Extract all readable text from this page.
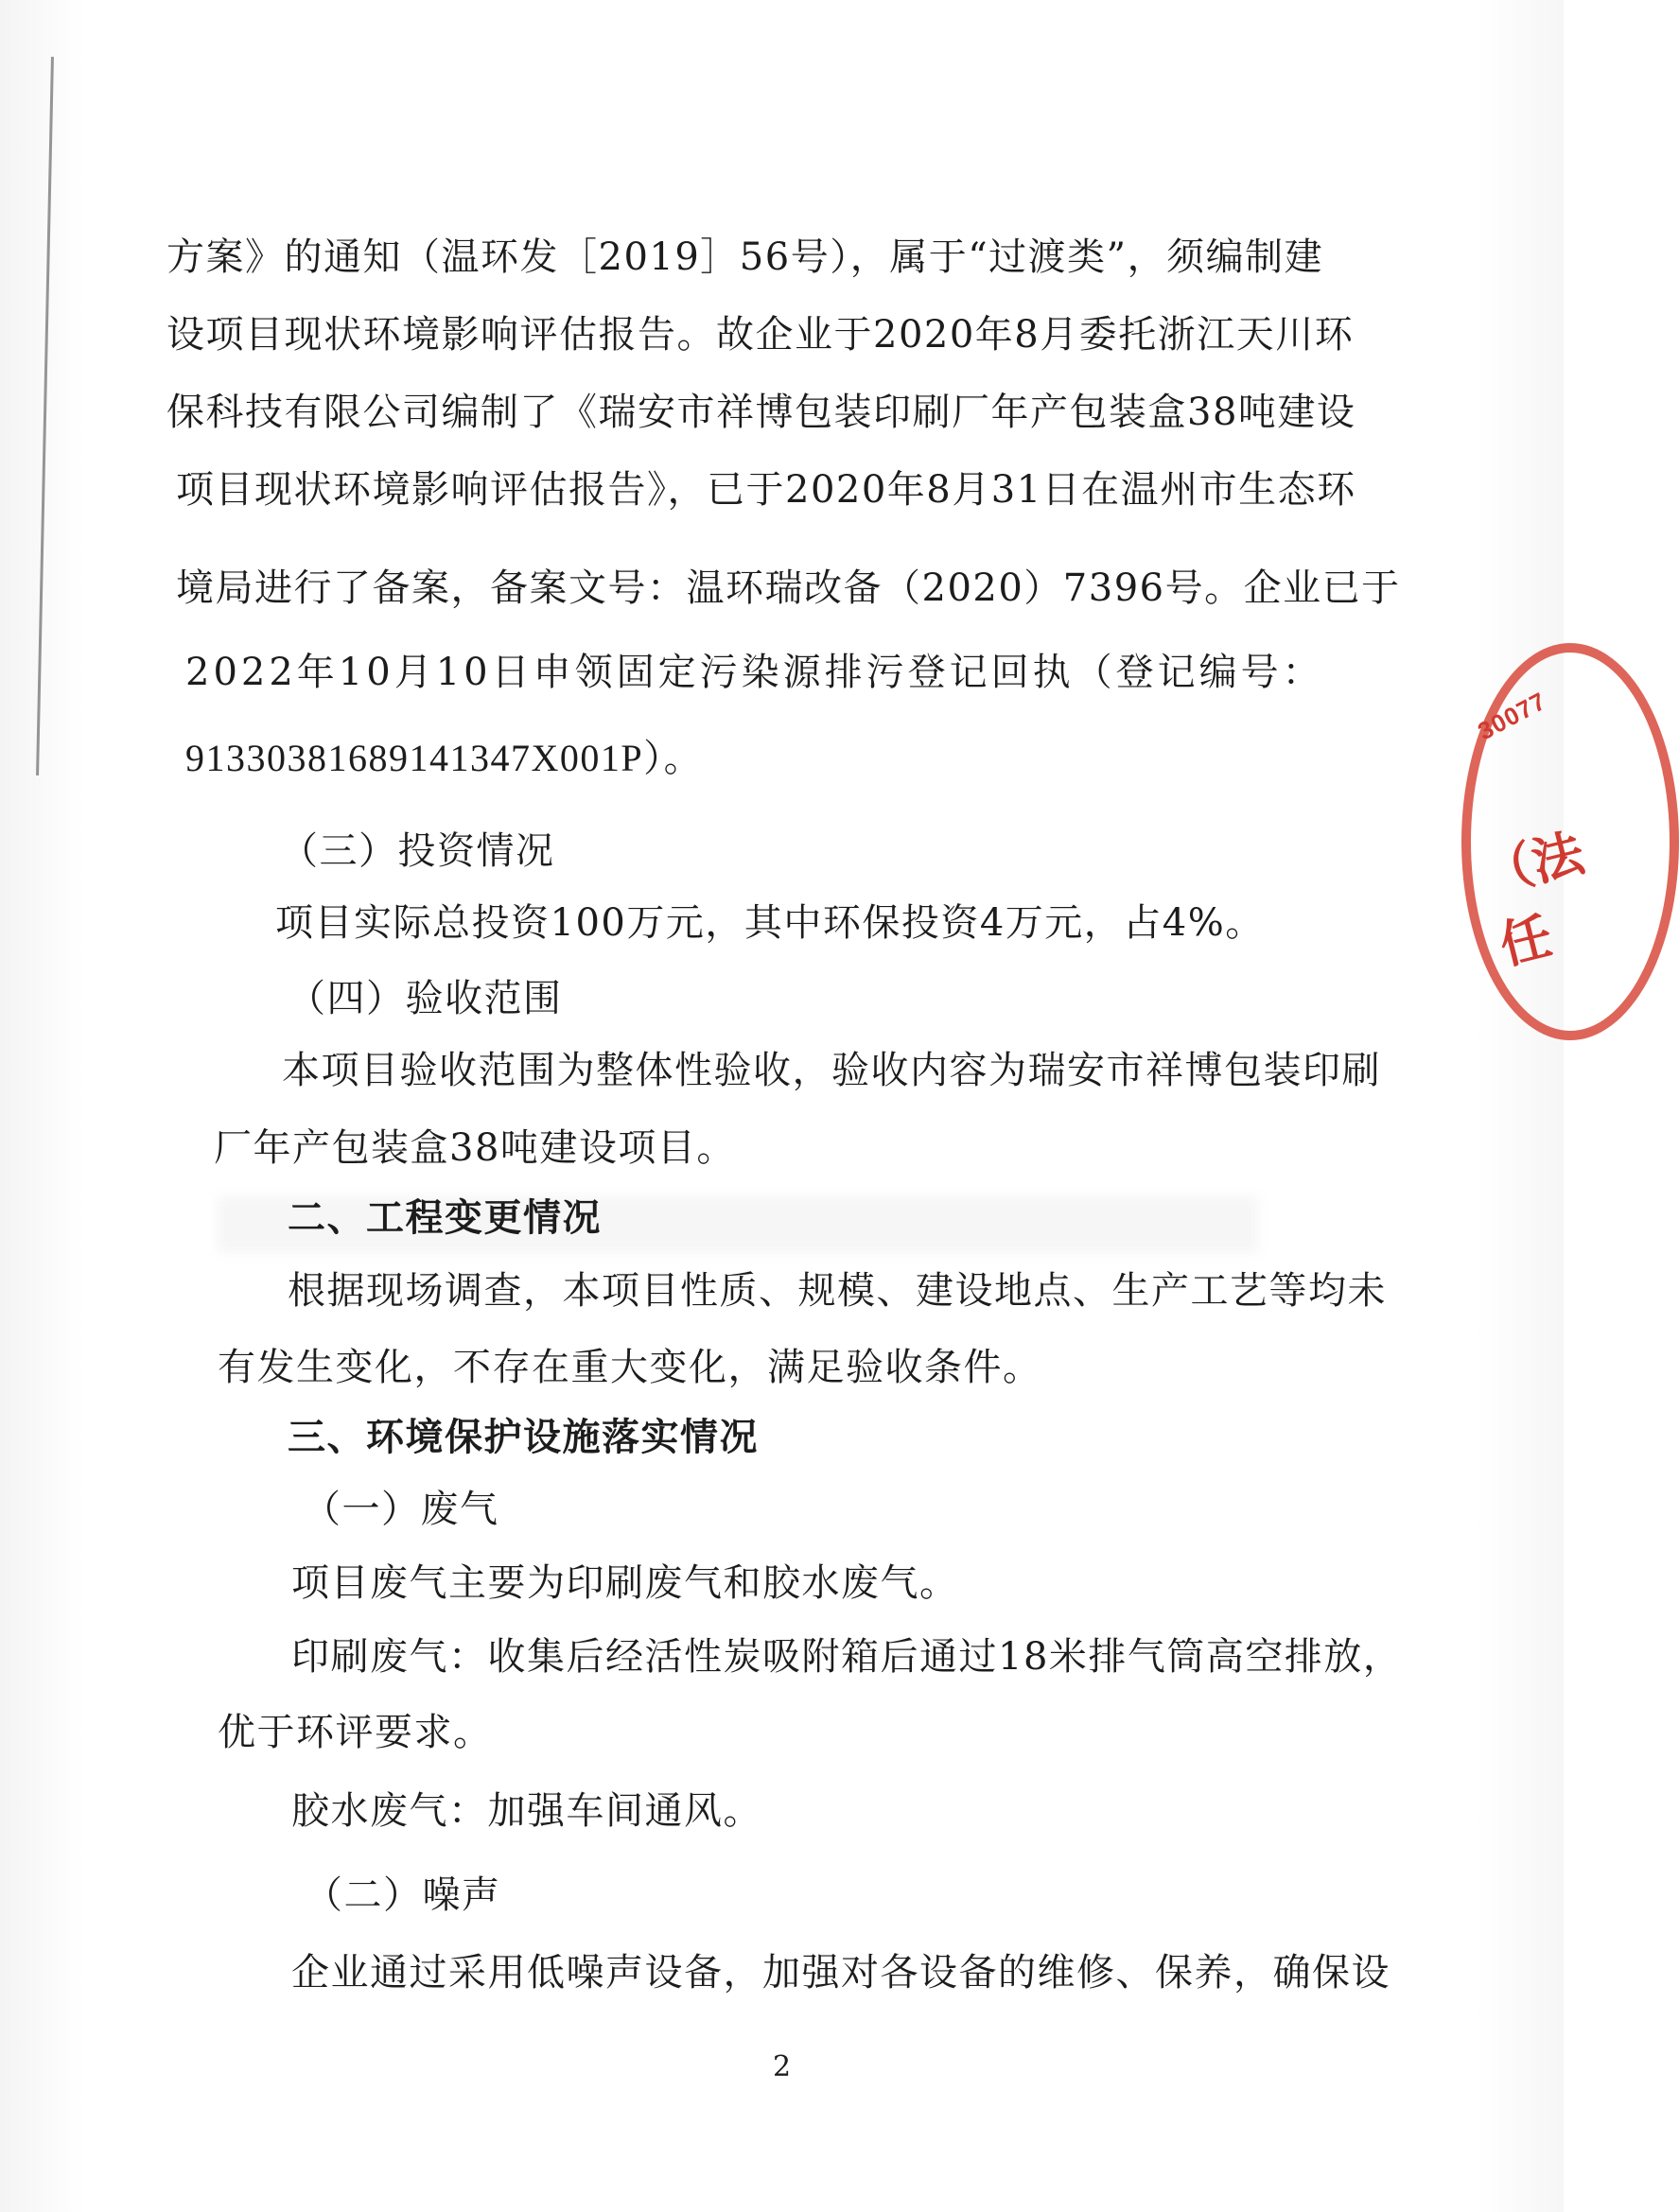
方案》的通知（温环发［2019］56号），属于“过渡类”，须编制建
设项目现状环境影响评估报告。故企业于2020年8月委托浙江天川环
保科技有限公司编制了《瑞安市祥博包装印刷厂年产包装盒38吨建设
项目现状环境影响评估报告》，已于2020年8月31日在温州市生态环
境局进行了备案，备案文号：温环瑞改备（2020）7396号。企业已于
2022年10月10日申领固定污染源排污登记回执（登记编号：
91330381689141347X001P）。
（三）投资情况
项目实际总投资100万元，其中环保投资4万元，占4%。
（四）验收范围
本项目验收范围为整体性验收，验收内容为瑞安市祥博包装印刷
厂年产包装盒38吨建设项目。
二、工程变更情况
根据现场调查，本项目性质、规模、建设地点、生产工艺等均未
有发生变化，不存在重大变化，满足验收条件。
三、环境保护设施落实情况
（一）废气
项目废气主要为印刷废气和胶水废气。
印刷废气：收集后经活性炭吸附箱后通过18米排气筒高空排放，
优于环评要求。
胶水废气：加强车间通风。
（二）噪声
企业通过采用低噪声设备，加强对各设备的维修、保养，确保设
30077
（法 任
2
